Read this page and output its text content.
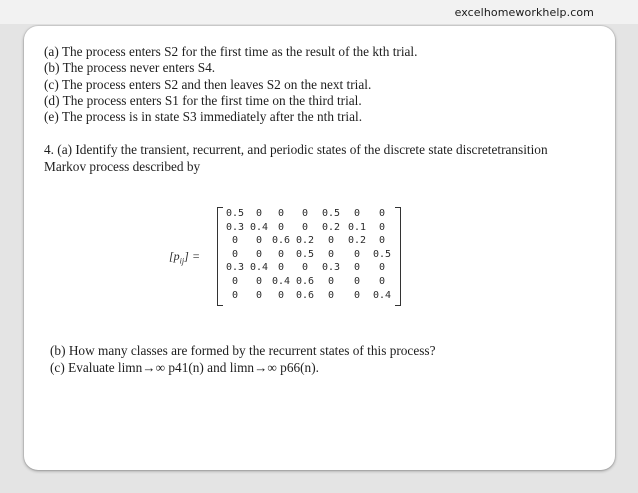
excelhomeworkhelp.com
(a) The process enters S2 for the first time as the result of the kth trial.
(b) The process never enters S4.
(c) The process enters S2 and then leaves S2 on the next trial.
(d) The process enters S1 for the first time on the third trial.
(e) The process is in state S3 immediately after the nth trial.
4. (a) Identify the transient, recurrent, and periodic states of the discrete state discretetransition
Markov process described by
$[p_{ij}]$ =
0.5	0	0	0	0.5	0	0
0.3 0.4 0	0	0.2 0.1	0
0	0 0.6 0.2	0	0.2	0
0	0	0	0.5	0	0	0.5
0.3 0.4 0	0	0.3	0	0
0	0 0.4 0.6	0	0	0
0	0	0	0.6	0	0	0.4
(b) How many classes are formed by the recurrent states of this process?
(c) Evaluate limn→∞ p41(n) and limn→∞ p66(n).
